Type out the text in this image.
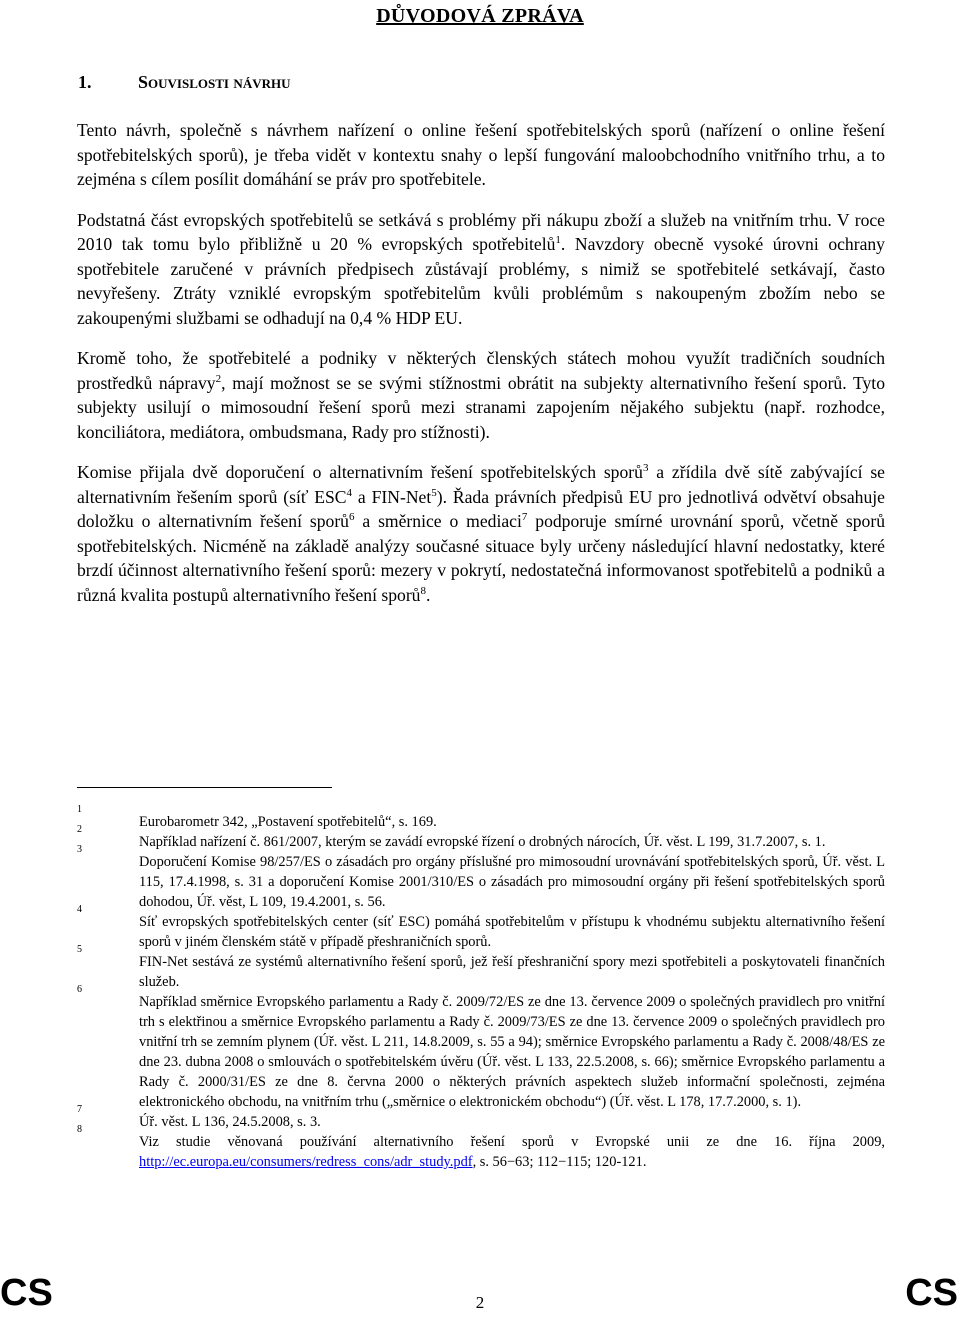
DŮVODOVÁ ZPRÁVA
1.	Souvislosti návrhu

Tento návrh, společně s návrhem nařízení o online řešení spotřebitelských sporů (nařízení o online řešení spotřebitelských sporů), je třeba vidět v kontextu snahy o lepší fungování maloobchodního vnitřního trhu, a to zejména s cílem posílit domáhání se práv pro spotřebitele.

Podstatná část evropských spotřebitelů se setkává s problémy při nákupu zboží a služeb na vnitřním trhu. V roce 2010 tak tomu bylo přibližně u 20 % evropských spotřebitelů$^1$. Navzdory obecně vysoké úrovni ochrany spotřebitele zaručené v právních předpisech zůstávají problémy, s nimiž se spotřebitelé setkávají, často nevyřešeny. Ztráty vzniklé evropským spotřebitelům kvůli problémům s nakoupeným zbožím nebo se zakoupenými službami se odhadují na 0,4 % HDP EU.

Kromě toho, že spotřebitelé a podniky v některých členských státech mohou využít tradičních soudních prostředků nápravy$^2$, mají možnost se se svými stížnostmi obrátit na subjekty alternativního řešení sporů. Tyto subjekty usilují o mimosoudní řešení sporů mezi stranami zapojením nějakého subjektu (např. rozhodce, konciliátora, mediátora, ombudsmana, Rady pro stížnosti).

Komise přijala dvě doporučení o alternativním řešení spotřebitelských sporů$^3$ a zřídila dvě sítě zabývající se alternativním řešením sporů (síť ESC$^4$ a FIN-Net$^5$). Řada právních předpisů EU pro jednotlivá odvětví obsahuje doložku o alternativním řešení sporů$^6$ a směrnice o mediaci$^7$ podporuje smírné urovnání sporů, včetně sporů spotřebitelských. Nicméně na základě analýzy současné situace byly určeny následující hlavní nedostatky, které brzdí účinnost alternativního řešení sporů: mezery v pokrytí, nedostatečná informovanost spotřebitelů a podniků a různá kvalita postupů alternativního řešení sporů$^8$.

1
Eurobarometr 342, „Postavení spotřebitelů“, s. 169.
2
Například nařízení č. 861/2007, kterým se zavádí evropské řízení o drobných nárocích, Úř. věst. L 199, 31.7.2007, s. 1.
3
Doporučení Komise 98/257/ES o zásadách pro orgány příslušné pro mimosoudní urovnávání spotřebitelských sporů, Úř. věst. L 115, 17.4.1998, s. 31 a doporučení Komise 2001/310/ES o zásadách pro mimosoudní orgány při řešení spotřebitelských sporů dohodou, Úř. věst, L 109, 19.4.2001, s. 56.
4
Síť evropských spotřebitelských center (síť ESC) pomáhá spotřebitelům v přístupu k vhodnému subjektu alternativního řešení sporů v jiném členském státě v případě přeshraničních sporů.
5
FIN-Net sestává ze systémů alternativního řešení sporů, jež řeší přeshraniční spory mezi spotřebiteli a poskytovateli finančních služeb.
6
Například směrnice Evropského parlamentu a Rady č. 2009/72/ES ze dne 13. července 2009 o společných pravidlech pro vnitřní trh s elektřinou a směrnice Evropského parlamentu a Rady č. 2009/73/ES ze dne 13. července 2009 o společných pravidlech pro vnitřní trh se zemním plynem (Úř. věst. L 211, 14.8.2009, s. 55 a 94); směrnice Evropského parlamentu a Rady č. 2008/48/ES ze dne 23. dubna 2008 o smlouvách o spotřebitelském úvěru (Úř. věst. L 133, 22.5.2008, s. 66); směrnice Evropského parlamentu a Rady č. 2000/31/ES ze dne 8. června 2000 o některých právních aspektech služeb informační společnosti, zejména elektronického obchodu, na vnitřním trhu („směrnice o elektronickém obchodu“) (Úř. věst. L 178, 17.7.2000, s. 1).
7
Úř. věst. L 136, 24.5.2008, s. 3.
8
Viz studie věnovaná používání alternativního řešení sporů v Evropské unii ze dne 16. října 2009, http://ec.europa.eu/consumers/redress_cons/adr_study.pdf, s. 56−63; 112−115; 120-121.
CS	2	CS
